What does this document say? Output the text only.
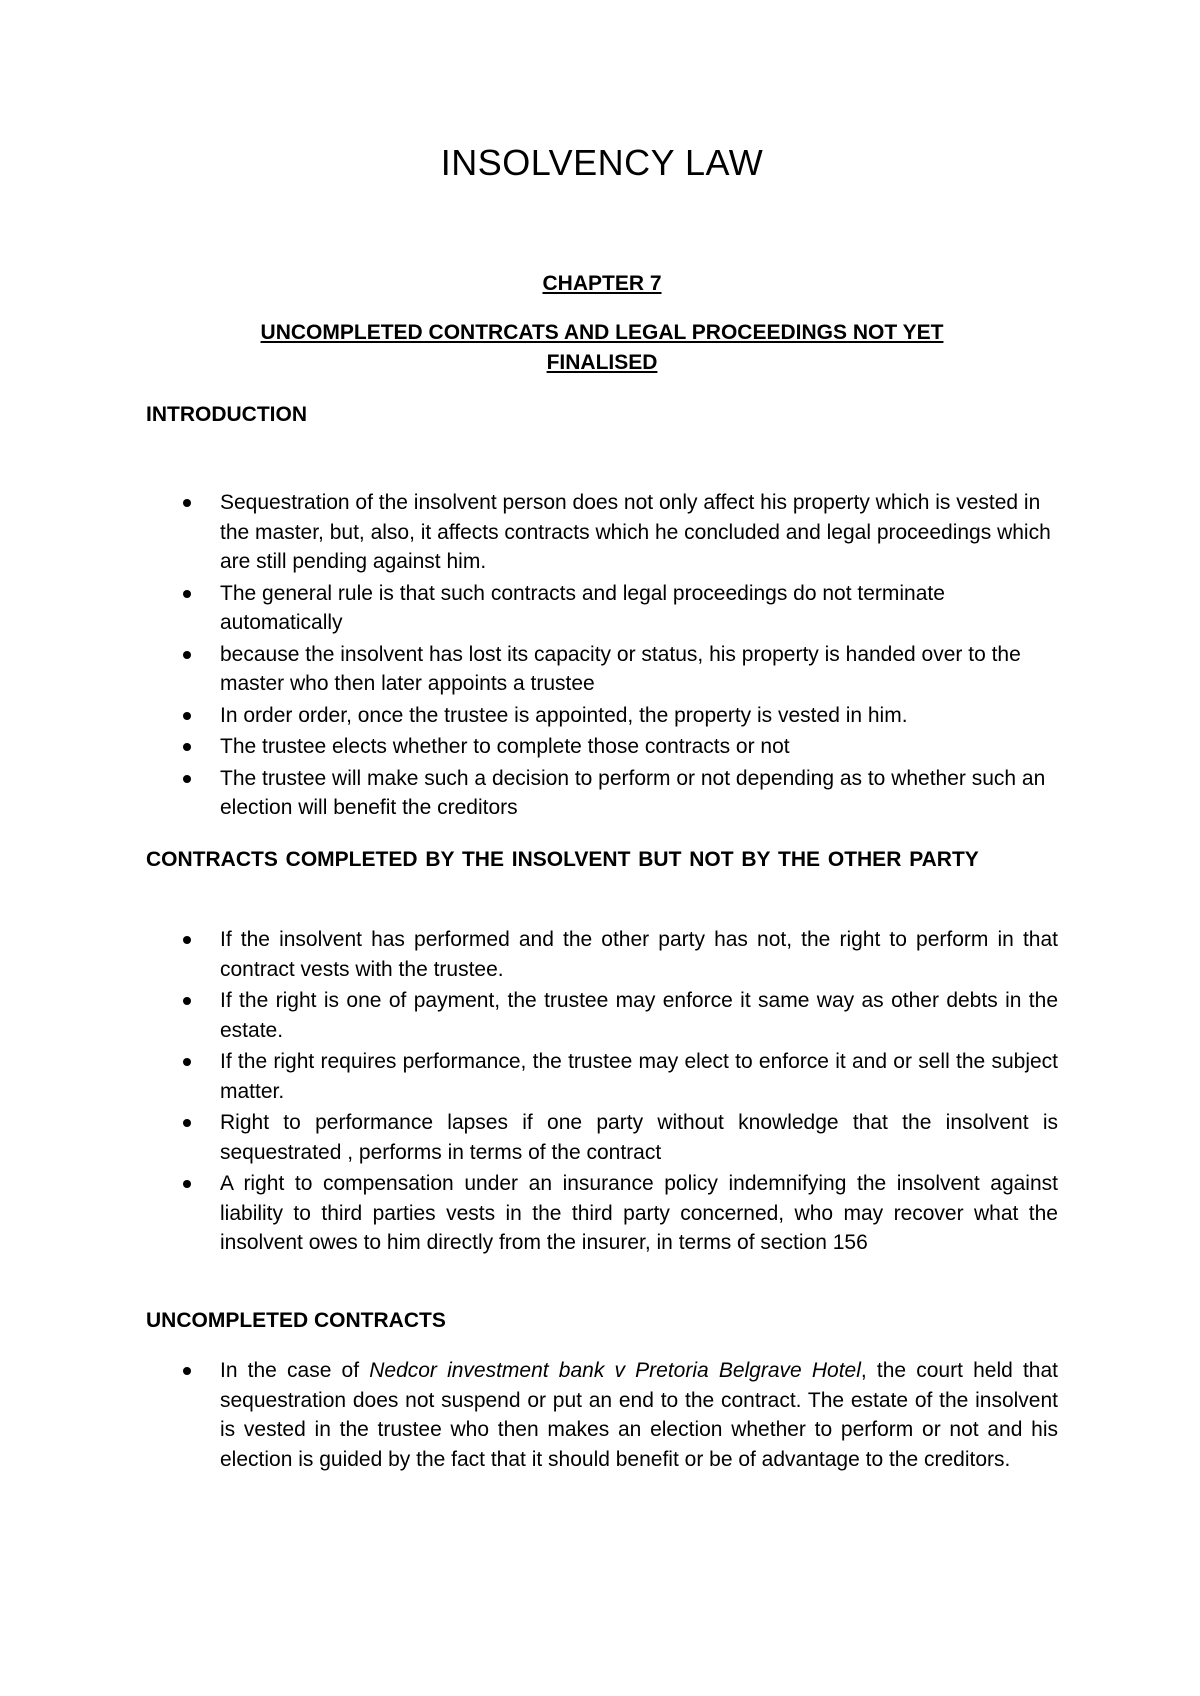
INSOLVENCY LAW

CHAPTER 7

UNCOMPLETED CONTRCATS AND LEGAL PROCEEDINGS NOT YET
FINALISED

INTRODUCTION
Sequestration of the insolvent person does not only affect his property which is vested in the master, but, also, it affects contracts which he concluded and legal proceedings which are still pending against him.
The general rule is that such contracts and legal proceedings do not terminate automatically
because the insolvent has lost its capacity or status, his property is handed over to the master who then later appoints a trustee
In order order, once the trustee is appointed, the property is vested in him.
The trustee elects whether to complete those contracts or not
The trustee will make such a decision to perform or not depending as to whether such an election will benefit the creditors
CONTRACTS COMPLETED BY THE INSOLVENT BUT NOT BY THE OTHER PARTY
If the insolvent has performed and the other party has not, the right to perform in that contract vests with the trustee.
If the right is one of payment, the trustee may enforce it same way as other debts in the estate.
If the right requires performance, the trustee may elect to enforce it and or sell the subject matter.
Right to performance lapses if one party without knowledge that the insolvent is sequestrated , performs in terms of the contract
A right to compensation under an insurance policy indemnifying the insolvent against liability to third parties vests in the third party concerned, who may recover what the insolvent owes to him directly from the insurer, in terms of section 156
UNCOMPLETED CONTRACTS
In the case of Nedcor investment bank v Pretoria Belgrave Hotel, the court held that sequestration does not suspend or put an end to the contract. The estate of the insolvent is vested in the trustee who then makes an election whether to perform or not and his election is guided by the fact that it should benefit or be of advantage to the creditors.
